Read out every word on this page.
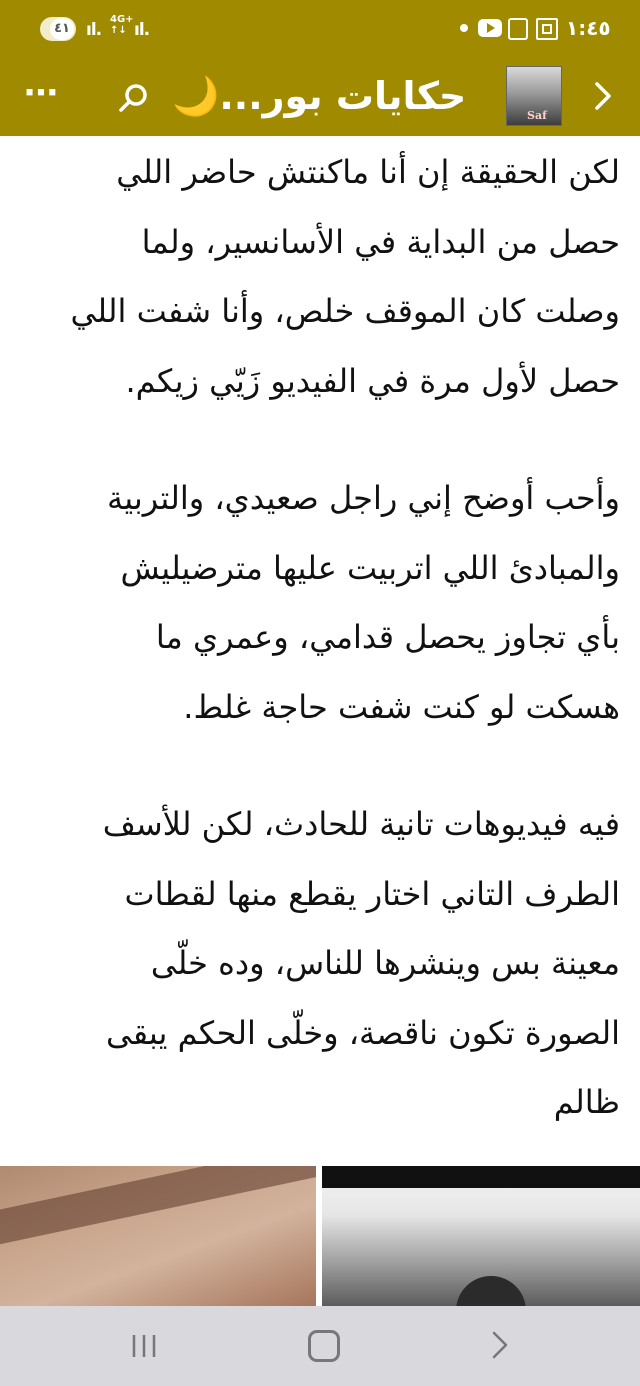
٤١ ıl.
4G+
↑↓ ıl.	١:٤٥
⋯	حكايات بور...🌙	Saf

لكن الحقيقة إن أنا ماكنتش حاضر اللي
حصل من البداية في الأسانسير، ولما
وصلت كان الموقف خلص، وأنا شفت اللي
حصل لأول مرة في الفيديو زَيّي زيكم.

وأحب أوضح إني راجل صعيدي، والتربية
والمبادئ اللي اتربيت عليها مترضيليش
بأي تجاوز يحصل قدامي، وعمري ما
هسكت لو كنت شفت حاجة غلط.

فيه فيديوهات تانية للحادث، لكن للأسف
الطرف التاني اختار يقطع منها لقطات
معينة بس وينشرها للناس، وده خلّى
الصورة تكون ناقصة، وخلّى الحكم يبقى
ظالم
